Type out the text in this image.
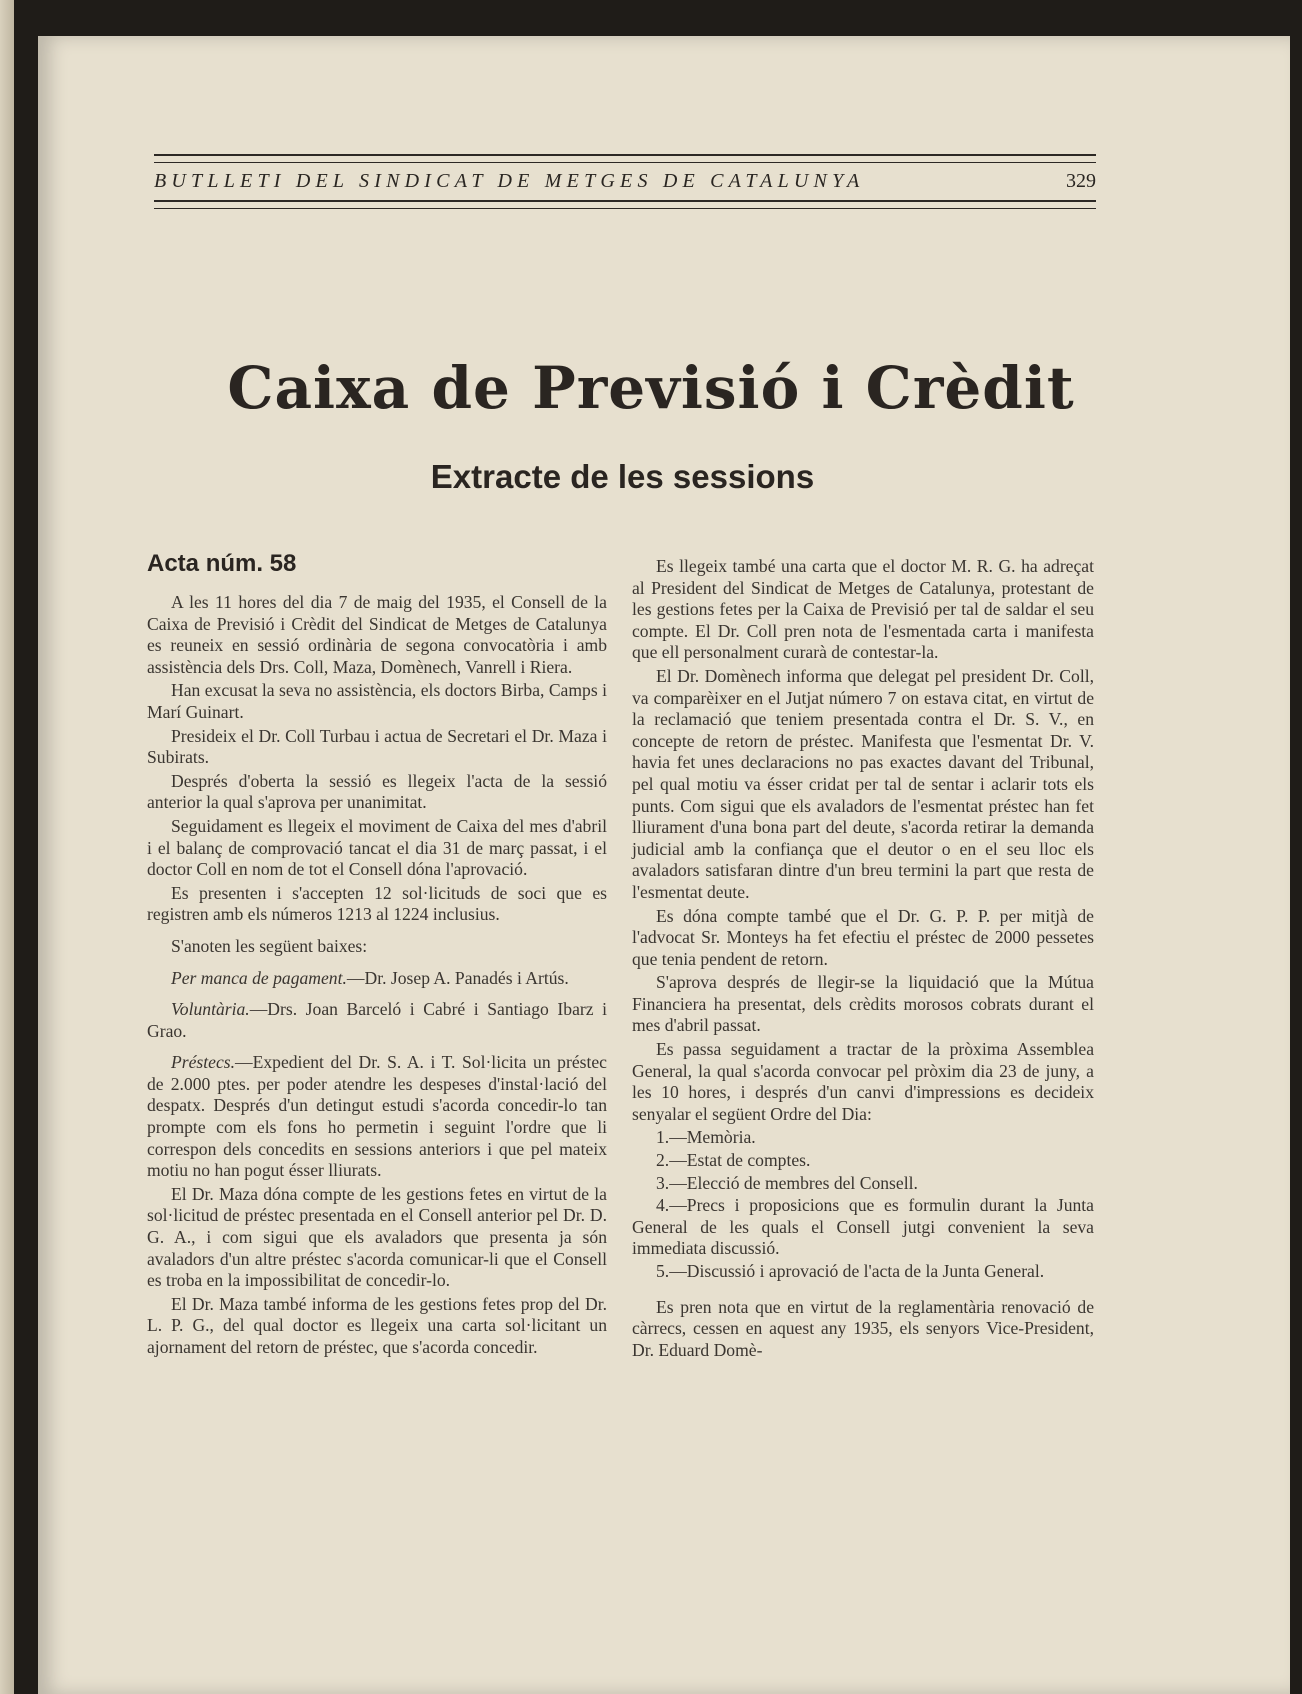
BUTLLETI DEL SINDICAT DE METGES DE CATALUNYA	329
Caixa de Previsió i Crèdit
Extracte de les sessions
Acta núm. 58

A les 11 hores del dia 7 de maig del 1935, el Consell de la Caixa de Previsió i Crèdit del Sindicat de Metges de Catalunya es reuneix en sessió ordinària de segona convocatòria i amb assistència dels Drs. Coll, Maza, Domènech, Vanrell i Riera.

Han excusat la seva no assistència, els doctors Birba, Camps i Marí Guinart.

Presideix el Dr. Coll Turbau i actua de Secretari el Dr. Maza i Subirats.

Després d'oberta la sessió es llegeix l'acta de la sessió anterior la qual s'aprova per unanimitat.

Seguidament es llegeix el moviment de Caixa del mes d'abril i el balanç de comprovació tancat el dia 31 de març passat, i el doctor Coll en nom de tot el Consell dóna l'aprovació.

Es presenten i s'accepten 12 sol·licituds de soci que es registren amb els números 1213 al 1224 inclusius.

S'anoten les següent baixes:

Per manca de pagament.—Dr. Josep A. Panadés i Artús.

Voluntària.—Drs. Joan Barceló i Cabré i Santiago Ibarz i Grao.

Préstecs.—Expedient del Dr. S. A. i T. Sol·licita un préstec de 2.000 ptes. per poder atendre les despeses d'instal·lació del despatx. Després d'un detingut estudi s'acorda concedir-lo tan prompte com els fons ho permetin i seguint l'ordre que li correspon dels concedits en sessions anteriors i que pel mateix motiu no han pogut ésser lliurats.

El Dr. Maza dóna compte de les gestions fetes en virtut de la sol·licitud de préstec presentada en el Consell anterior pel Dr. D. G. A., i com sigui que els avaladors que presenta ja són avaladors d'un altre préstec s'acorda comunicar-li que el Consell es troba en la impossibilitat de concedir-lo.

El Dr. Maza també informa de les gestions fetes prop del Dr. L. P. G., del qual doctor es llegeix una carta sol·licitant un ajornament del retorn de préstec, que s'acorda concedir.

Es llegeix també una carta que el doctor M. R. G. ha adreçat al President del Sindicat de Metges de Catalunya, protestant de les gestions fetes per la Caixa de Previsió per tal de saldar el seu compte. El Dr. Coll pren nota de l'esmentada carta i manifesta que ell personalment curarà de contestar-la.

El Dr. Domènech informa que delegat pel president Dr. Coll, va comparèixer en el Jutjat número 7 on estava citat, en virtut de la reclamació que teniem presentada contra el Dr. S. V., en concepte de retorn de préstec. Manifesta que l'esmentat Dr. V. havia fet unes declaracions no pas exactes davant del Tribunal, pel qual motiu va ésser cridat per tal de sentar i aclarir tots els punts. Com sigui que els avaladors de l'esmentat préstec han fet lliurament d'una bona part del deute, s'acorda retirar la demanda judicial amb la confiança que el deutor o en el seu lloc els avaladors satisfaran dintre d'un breu termini la part que resta de l'esmentat deute.

Es dóna compte també que el Dr. G. P. P. per mitjà de l'advocat Sr. Monteys ha fet efectiu el préstec de 2000 pessetes que tenia pendent de retorn.

S'aprova després de llegir-se la liquidació que la Mútua Financiera ha presentat, dels crèdits morosos cobrats durant el mes d'abril passat.

Es passa seguidament a tractar de la pròxima Assemblea General, la qual s'acorda convocar pel pròxim dia 23 de juny, a les 10 hores, i després d'un canvi d'impressions es decideix senyalar el següent Ordre del Dia:

1.—Memòria.

2.—Estat de comptes.

3.—Elecció de membres del Consell.

4.—Precs i proposicions que es formulin durant la Junta General de les quals el Consell jutgi convenient la seva immediata discussió.

5.—Discussió i aprovació de l'acta de la Junta General.

Es pren nota que en virtut de la reglamentària renovació de càrrecs, cessen en aquest any 1935, els senyors Vice-President, Dr. Eduard Domè-
